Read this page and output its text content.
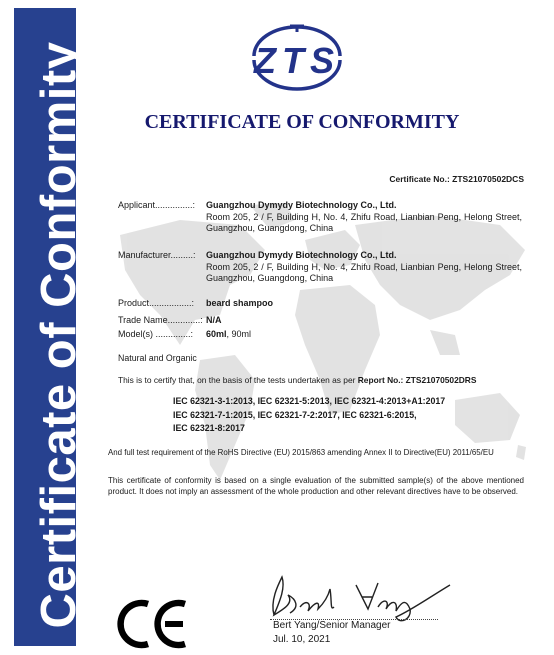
Certificate of Conformity	ZTS
CERTIFICATE OF CONFORMITY
Certificate No.: ZTS21070502DCS
Applicant...............: Guangzhou Dymydy Biotechnology Co., Ltd.
Room 205, 2 / F, Building H, No. 4, Zhifu Road, Lianbian Peng, Helong Street, Guangzhou, Guangdong, China
Manufacturer.........: Guangzhou Dymydy Biotechnology Co., Ltd.
Room 205, 2 / F, Building H, No. 4, Zhifu Road, Lianbian Peng, Helong Street, Guangzhou, Guangdong, China
Product.................: beard shampoo
Trade Name.............: N/A
Model(s) ..............: 60ml, 90ml
Natural and Organic
This is to certify that, on the basis of the tests undertaken as per Report No.: ZTS21070502DRS
IEC 62321-3-1:2013, IEC 62321-5:2013, IEC 62321-4:2013+A1:2017
IEC 62321-7-1:2015, IEC 62321-7-2:2017, IEC 62321-6:2015,
IEC 62321-8:2017
And full test requirement of the RoHS Directive (EU) 2015/863 amending Annex II to Directive(EU) 2011/65/EU
This certificate of conformity is based on a single evaluation of the submitted sample(s) of the above mentioned product. It does not imply an assessment of the whole production and other relevant directives have to be observed.
Bert Yang/Senior Manager
Jul. 10, 2021
